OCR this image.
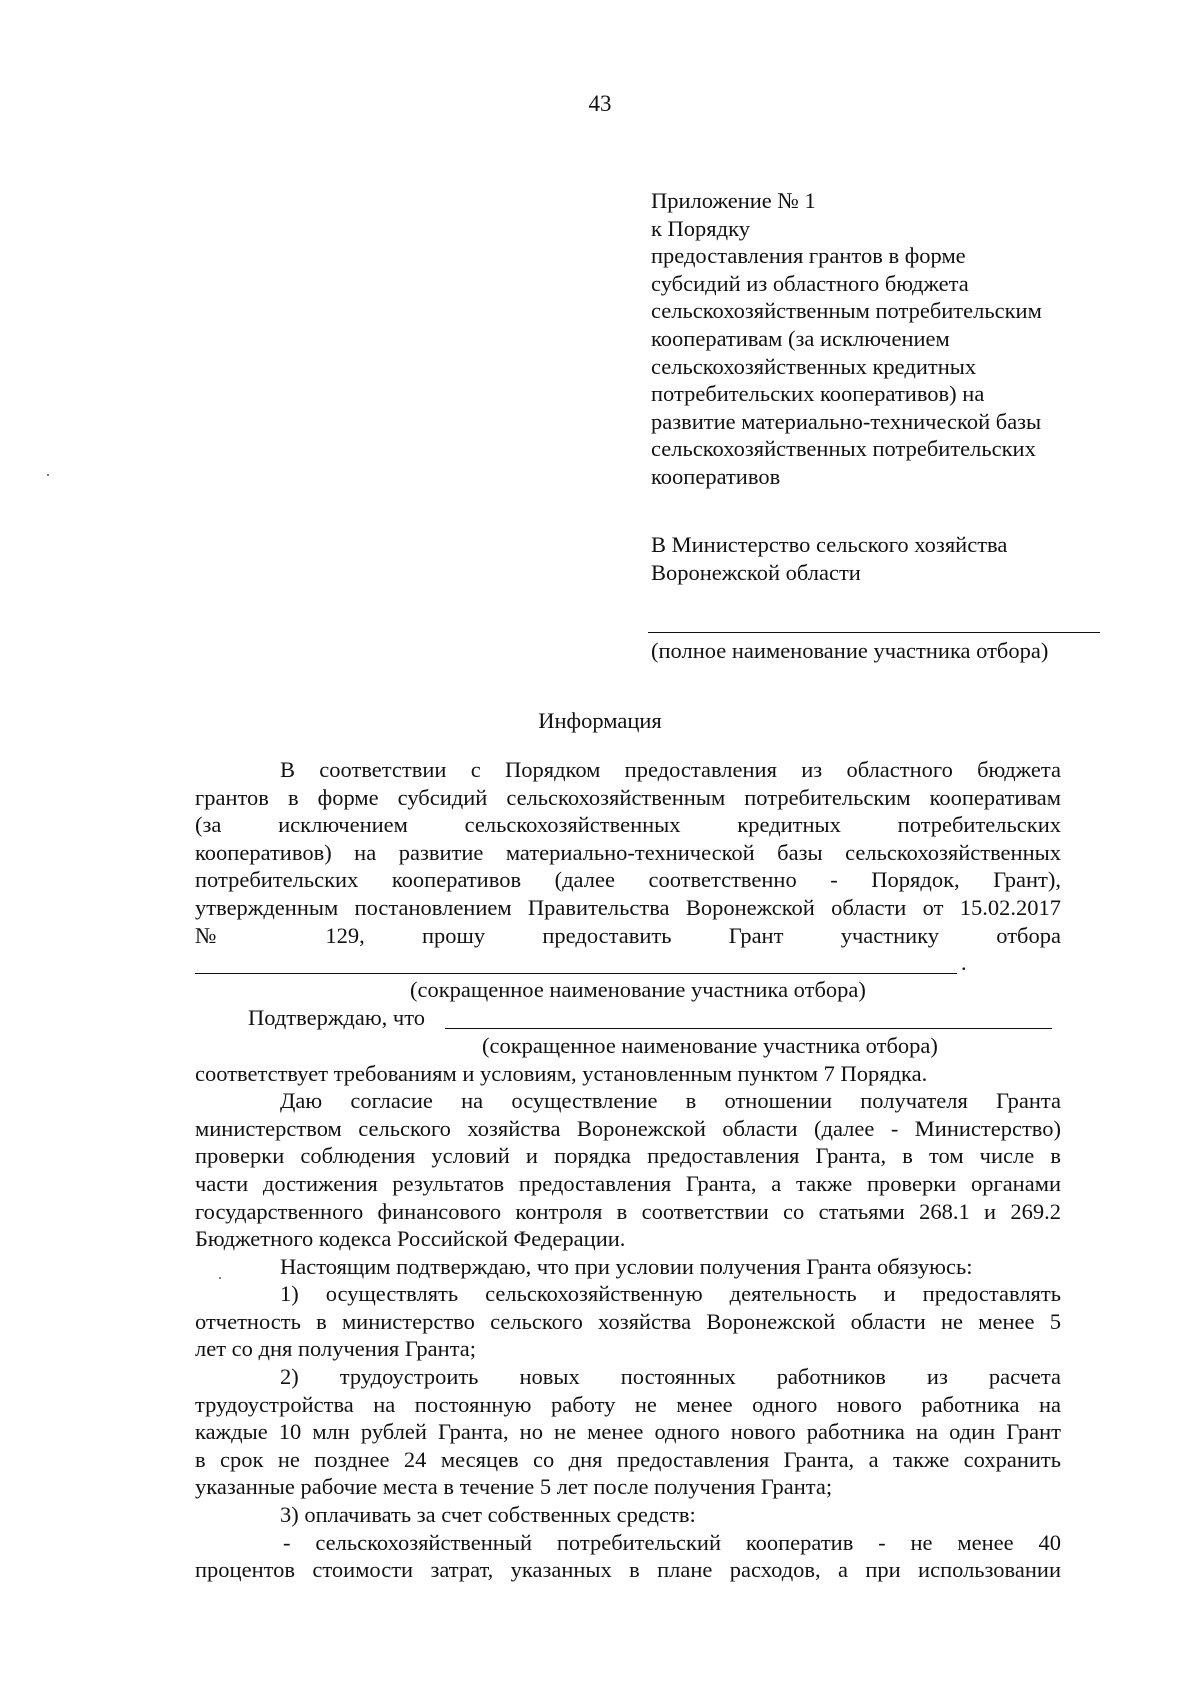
43
Приложение № 1
к Порядку
предоставления грантов в форме
субсидий из областного бюджета
сельскохозяйственным потребительским
кооперативам (за исключением
сельскохозяйственных кредитных
потребительских кооперативов) на
развитие материально-технической базы
сельскохозяйственных потребительских
кооперативов
В Министерство сельского хозяйства
Воронежской области
(полное наименование участника отбора)
Информация
В соответствии с Порядком предоставления из областного бюджета
грантов в форме субсидий сельскохозяйственным потребительским кооперативам
(за исключением сельскохозяйственных кредитных потребительских
кооперативов) на развитие материально-технической базы сельскохозяйственных
потребительских кооперативов (далее соответственно - Порядок, Грант),
утвержденным постановлением Правительства Воронежской области от 15.02.2017
№ 129, прошу предоставить Грант участнику отбора
.
(сокращенное наименование участника отбора)
Подтверждаю, что
(сокращенное наименование участника отбора)
соответствует требованиям и условиям, установленным пунктом 7 Порядка.
Даю согласие на осуществление в отношении получателя Гранта
министерством сельского хозяйства Воронежской области (далее - Министерство)
проверки соблюдения условий и порядка предоставления Гранта, в том числе в
части достижения результатов предоставления Гранта, а также проверки органами
государственного финансового контроля в соответствии со статьями 268.1 и 269.2
Бюджетного кодекса Российской Федерации.
Настоящим подтверждаю, что при условии получения Гранта обязуюсь:
1) осуществлять сельскохозяйственную деятельность и предоставлять
отчетность в министерство сельского хозяйства Воронежской области не менее 5
лет со дня получения Гранта;
2) трудоустроить новых постоянных работников из расчета
трудоустройства на постоянную работу не менее одного нового работника на
каждые 10 млн рублей Гранта, но не менее одного нового работника на один Грант
в срок не позднее 24 месяцев со дня предоставления Гранта, а также сохранить
указанные рабочие места в течение 5 лет после получения Гранта;
3) оплачивать за счет собственных средств:
- сельскохозяйственный потребительский кооператив - не менее 40
процентов стоимости затрат, указанных в плане расходов, а при использовании
